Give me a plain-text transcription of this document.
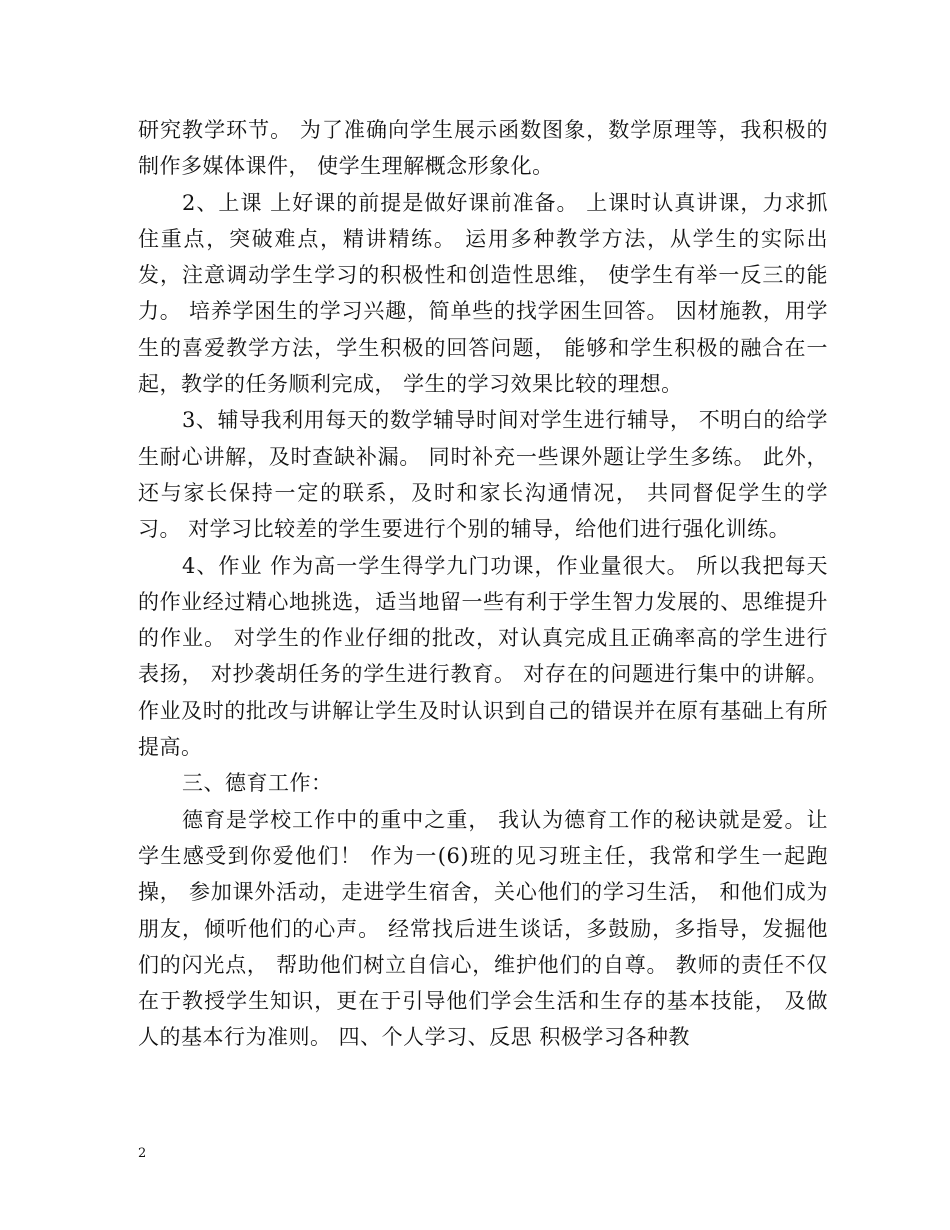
研究教学环节。 为了准确向学生展示函数图象，数学原理等，我积极的制作多媒体课件， 使学生理解概念形象化。

2、上课 上好课的前提是做好课前准备。 上课时认真讲课，力求抓住重点，突破难点，精讲精练。 运用多种教学方法，从学生的实际出发，注意调动学生学习的积极性和创造性思维， 使学生有举一反三的能力。 培养学困生的学习兴趣，简单些的找学困生回答。 因材施教，用学生的喜爱教学方法，学生积极的回答问题， 能够和学生积极的融合在一起，教学的任务顺利完成， 学生的学习效果比较的理想。

3、辅导我利用每天的数学辅导时间对学生进行辅导， 不明白的给学生耐心讲解，及时查缺补漏。 同时补充一些课外题让学生多练。 此外，还与家长保持一定的联系，及时和家长沟通情况， 共同督促学生的学习。 对学习比较差的学生要进行个别的辅导，给他们进行强化训练。

4、作业 作为高一学生得学九门功课，作业量很大。 所以我把每天的作业经过精心地挑选，适当地留一些有利于学生智力发展的、思维提升的作业。 对学生的作业仔细的批改，对认真完成且正确率高的学生进行表扬， 对抄袭胡任务的学生进行教育。 对存在的问题进行集中的讲解。 作业及时的批改与讲解让学生及时认识到自己的错误并在原有基础上有所提高。

三、德育工作：

德育是学校工作中的重中之重， 我认为德育工作的秘诀就是爱。让学生感受到你爱他们！ 作为一(6)班的见习班主任，我常和学生一起跑操， 参加课外活动，走进学生宿舍，关心他们的学习生活， 和他们成为朋友，倾听他们的心声。 经常找后进生谈话，多鼓励，多指导，发掘他们的闪光点， 帮助他们树立自信心，维护他们的自尊。 教师的责任不仅在于教授学生知识，更在于引导他们学会生活和生存的基本技能， 及做人的基本行为准则。 四、个人学习、反思 积极学习各种教

2
